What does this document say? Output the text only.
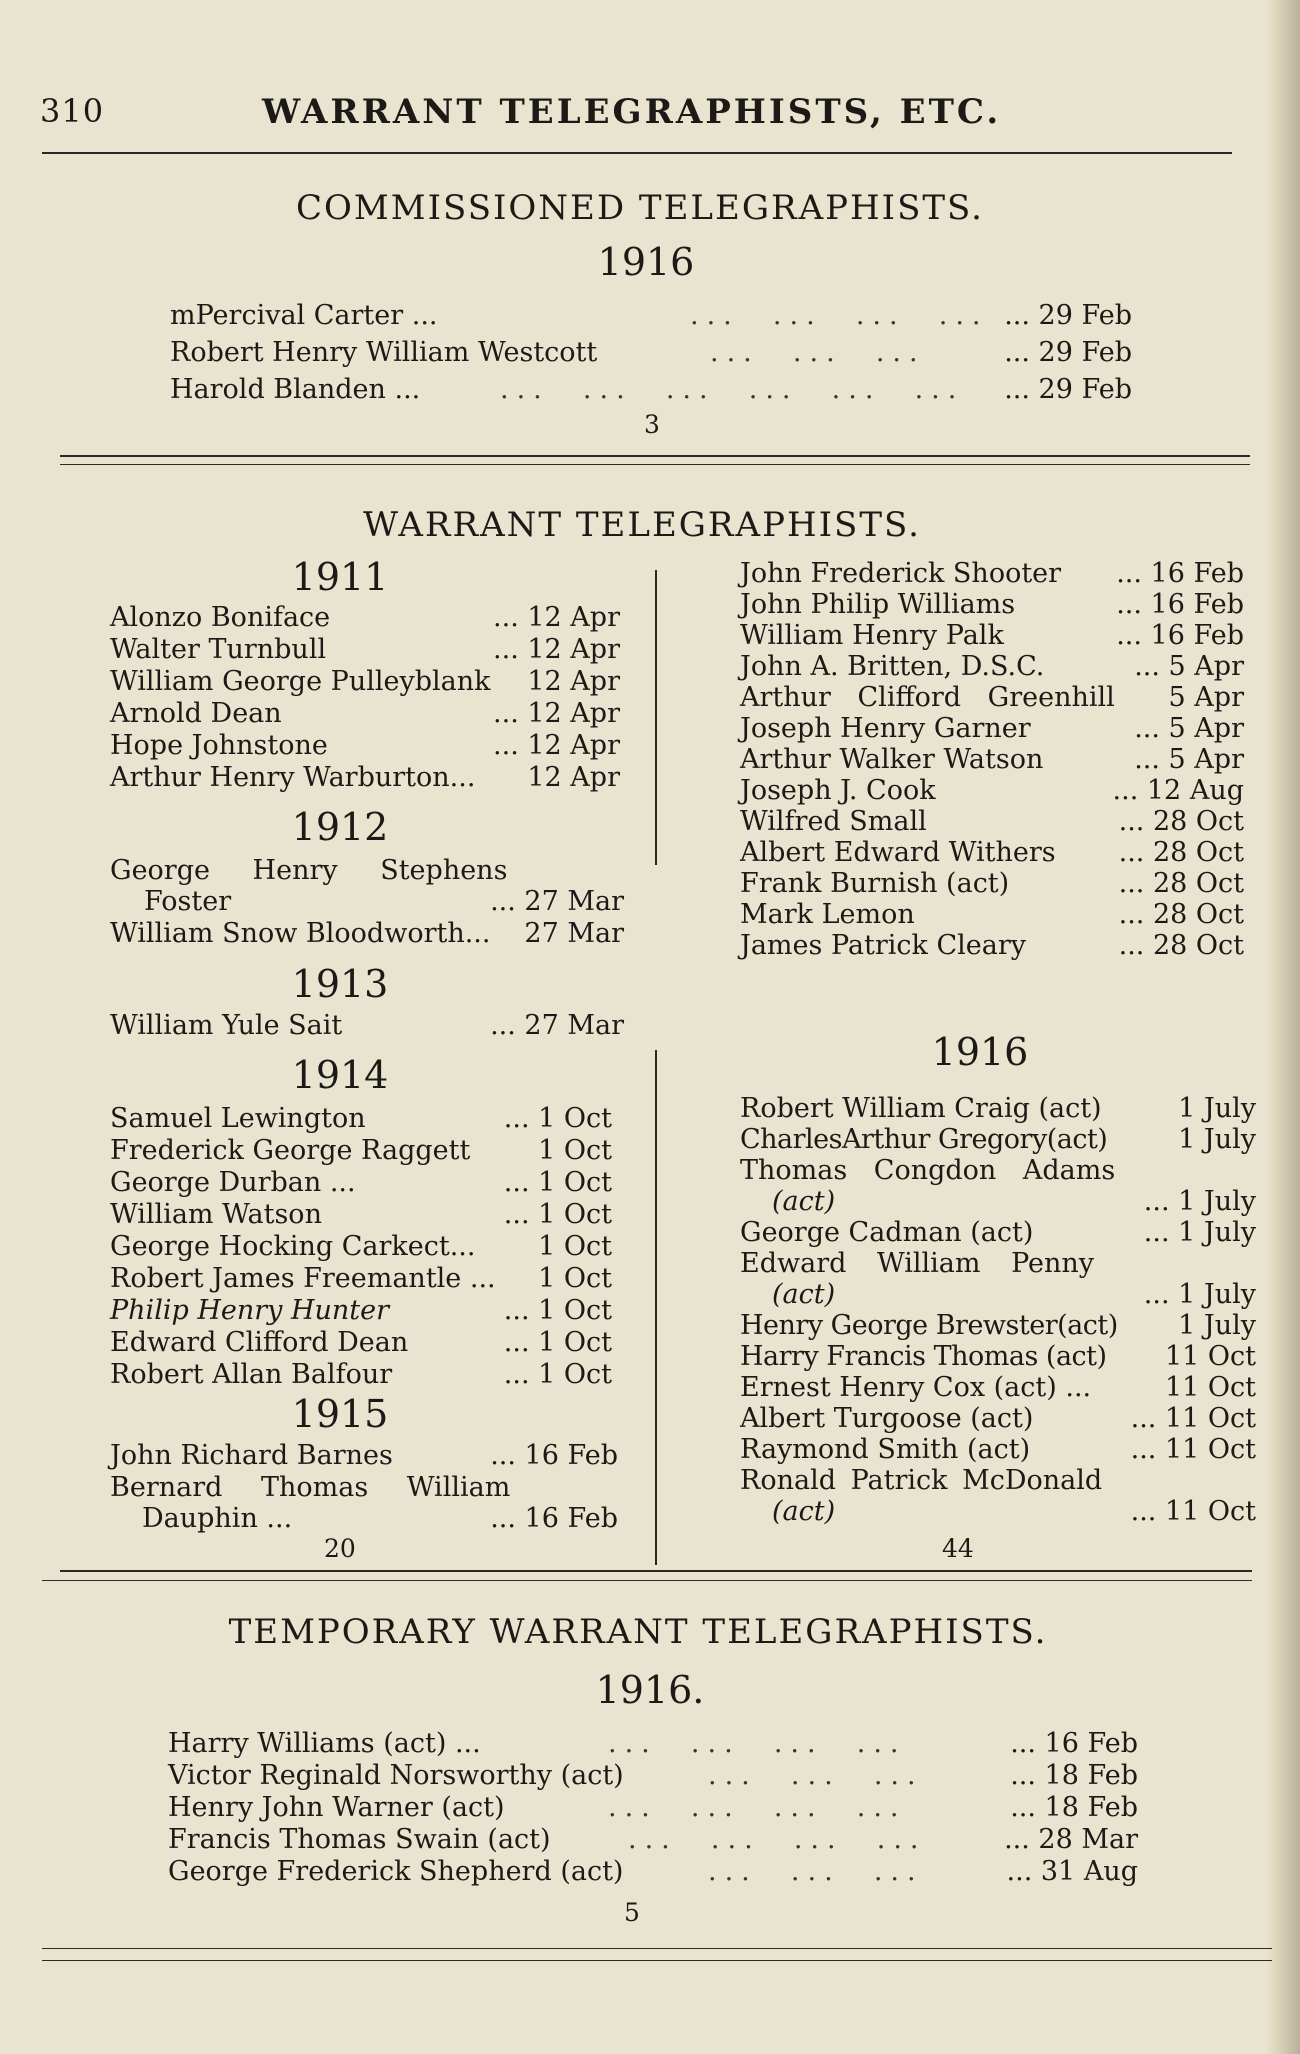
310	WARRANT TELEGRAPHISTS, ETC.
COMMISSIONED TELEGRAPHISTS.
1916
mPercival Carter ...	...  ...  ...  ... ... 29 Feb
Robert Henry William Westcott	...  ...  ...	... 29 Feb
Harold Blanden ...	...  ...  ...  ...  ...  ... ... 29 Feb
3
WARRANT TELEGRAPHISTS.
1911
Alonzo Boniface	... 12 Apr
Walter Turnbull	... 12 Apr
William George Pulleyblank 12 Apr
Arnold Dean	... 12 Apr
Hope Johnstone	... 12 Apr
Arthur Henry Warburton... 12 Apr
1912
George Henry Stephens
Foster	... 27 Mar
William Snow Bloodworth... 27 Mar
1913
William Yule Sait	... 27 Mar
1914
Samuel Lewington	... 1 Oct
Frederick George Raggett	1 Oct
George Durban ...	... 1 Oct
William Watson	... 1 Oct
George Hocking Carkect... 1 Oct
Robert James Freemantle ... 1 Oct
Philip Henry Hunter	... 1 Oct
Edward Clifford Dean	... 1 Oct
Robert Allan Balfour	... 1 Oct
1915
John Richard Barnes	... 16 Feb
Bernard Thomas William
Dauphin ...	... 16 Feb
20
John Frederick Shooter ... 16 Feb
John Philip Williams	... 16 Feb
William Henry Palk	... 16 Feb
John A. Britten, D.S.C.	... 5 Apr
Arthur Clifford Greenhill 5 Apr
Joseph Henry Garner	... 5 Apr
Arthur Walker Watson	... 5 Apr
Joseph J. Cook	... 12 Aug
Wilfred Small	... 28 Oct
Albert Edward Withers ... 28 Oct
Frank Burnish (act)	... 28 Oct
Mark Lemon	... 28 Oct
James Patrick Cleary	... 28 Oct
1916
Robert William Craig (act)	1 July
CharlesArthur Gregory(act)	1 July
Thomas Congdon Adams
(act)	... 1 July
George Cadman (act)	... 1 July
Edward William Penny
(act)	... 1 July
Henry George Brewster(act) 1 July
Harry Francis Thomas (act) 11 Oct
Ernest Henry Cox (act) ...	11 Oct
Albert Turgoose (act)	... 11 Oct
Raymond Smith (act)	... 11 Oct
Ronald Patrick McDonald
(act)	... 11 Oct
44
TEMPORARY WARRANT TELEGRAPHISTS.
1916.
Harry Williams (act) ...	...  ...  ...  ...	... 16 Feb
Victor Reginald Norsworthy (act)	...  ...  ...	... 18 Feb
Henry John Warner (act)	...  ...  ...  ...	... 18 Feb
Francis Thomas Swain (act)	...  ...  ...  ...	... 28 Mar
George Frederick Shepherd (act)	...  ...  ...	... 31 Aug
5
